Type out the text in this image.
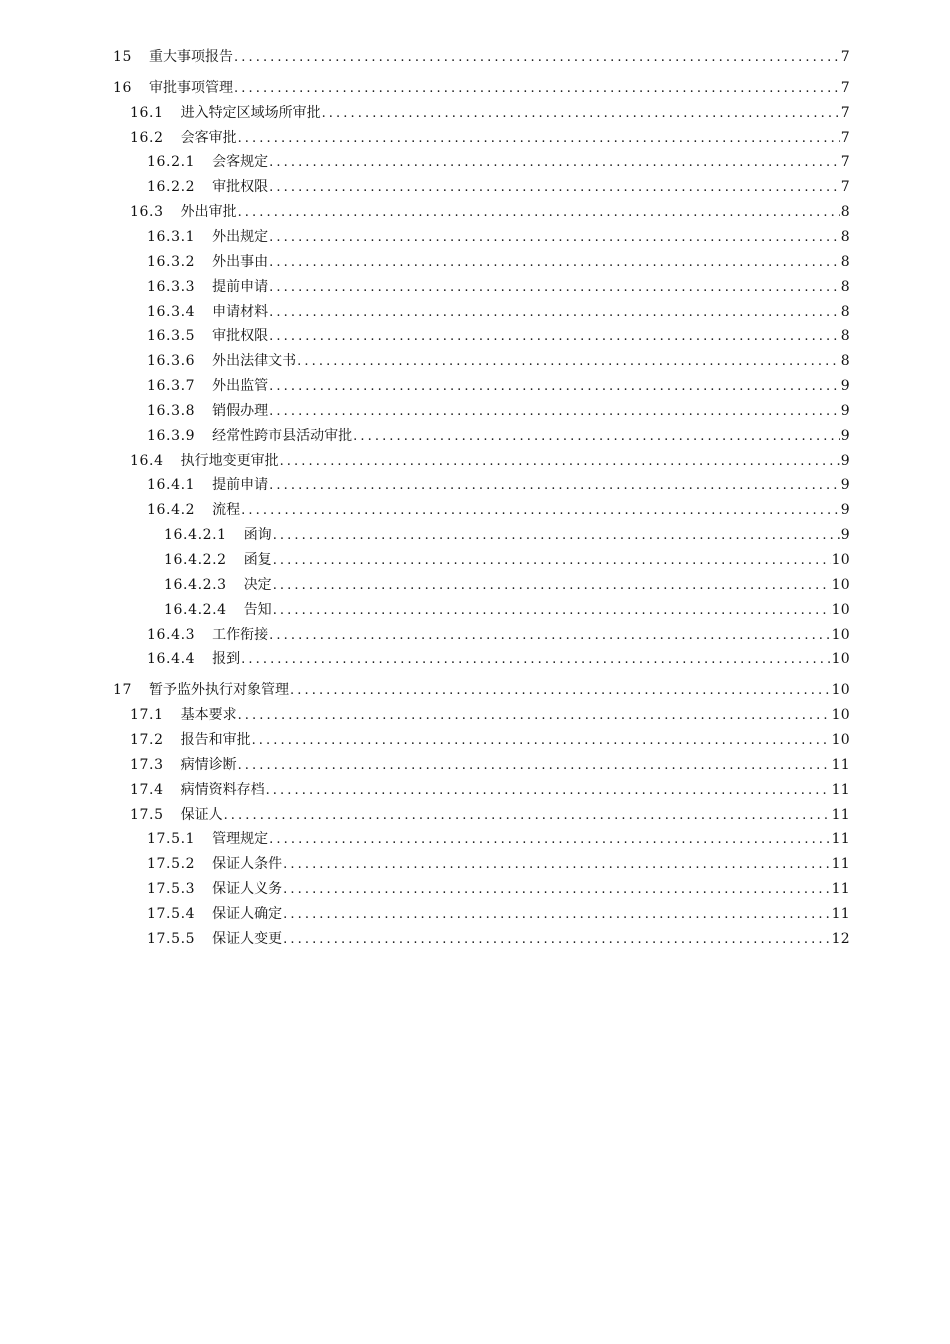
15 重大事项报告 .....	7
16 审批事项管理 .....	7
16.1 进入特定区域场所审批 .....	7
16.2 会客审批 .....	7
16.2.1 会客规定 .....	7
16.2.2 审批权限 .....	7
16.3 外出审批 .....	8
16.3.1 外出规定 .....	8
16.3.2 外出事由 .....	8
16.3.3 提前申请 .....	8
16.3.4 申请材料 .....	8
16.3.5 审批权限 .....	8
16.3.6 外出法律文书 .....	8
16.3.7 外出监管 .....	9
16.3.8 销假办理 .....	9
16.3.9 经常性跨市县活动审批 .....	9
16.4 执行地变更审批 .....	9
16.4.1 提前申请 .....	9
16.4.2 流程 .....	9
16.4.2.1 函询 .....	9
16.4.2.2 函复 .....	10
16.4.2.3 决定 .....	10
16.4.2.4 告知 .....	10
16.4.3 工作衔接 .....	10
16.4.4 报到 .....	10
17 暂予监外执行对象管理 .....	10
17.1 基本要求 .....	10
17.2 报告和审批 .....	10
17.3 病情诊断 .....	11
17.4 病情资料存档 .....	11
17.5 保证人 .....	11
17.5.1 管理规定 .....	11
17.5.2 保证人条件 .....	11
17.5.3 保证人义务 .....	11
17.5.4 保证人确定 .....	11
17.5.5 保证人变更 .....	12
